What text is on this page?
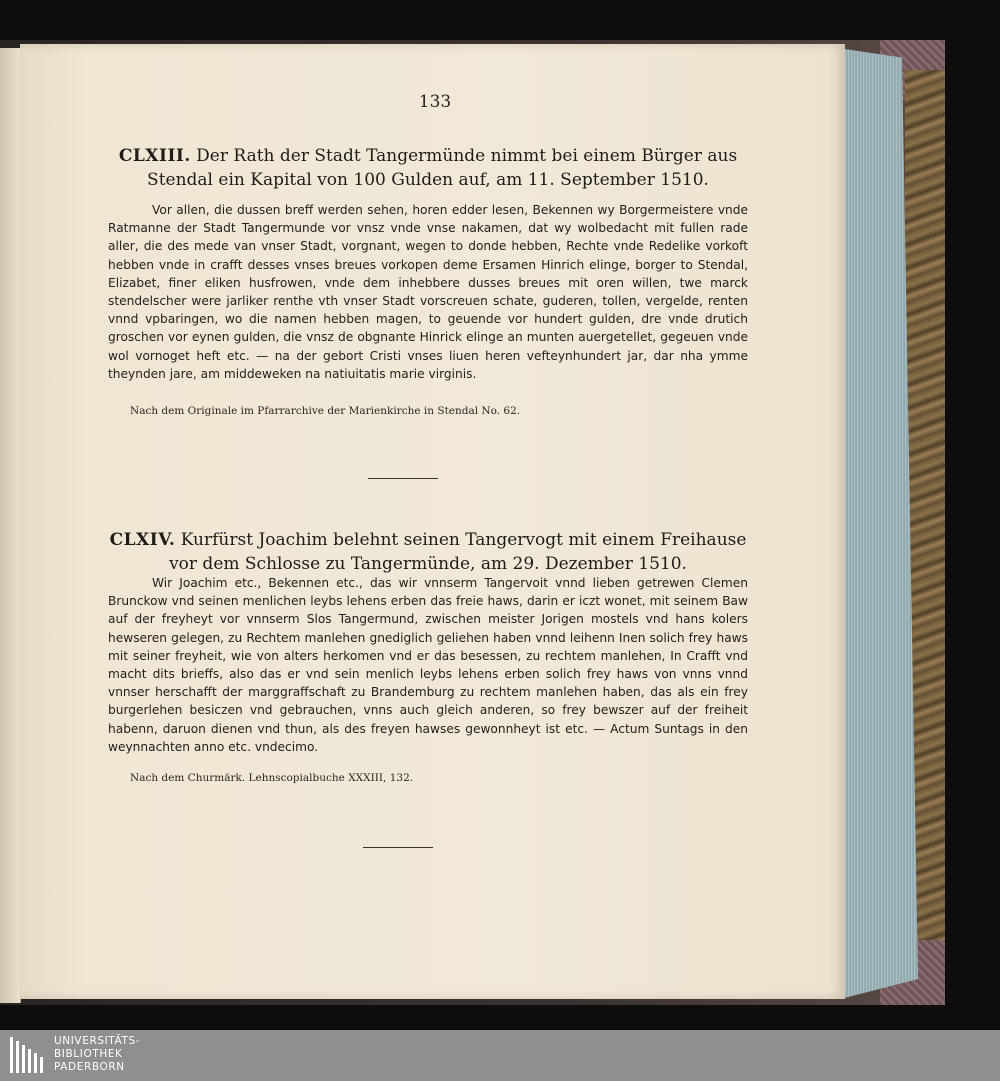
133
CLXIII. Der Rath der Stadt Tangermünde nimmt bei einem Bürger aus Stendal ein Kapital von 100 Gulden auf, am 11. September 1510.
Vor allen, die dussen breff werden sehen, horen edder lesen, Bekennen wy Borgermeistere vnde Ratmanne der Stadt Tangermunde vor vnsz vnde vnse nakamen, dat wy wolbedacht mit fullen rade aller, die des mede van vnser Stadt, vorgnant, wegen to donde hebben, Rechte vnde Redelike vorkoft hebben vnde in crafft desses vnses breues vorkopen deme Ersamen Hinrich elinge, borger to Stendal, Elizabet, finer eliken husfrowen, vnde dem inhebbere dusses breues mit oren willen, twe marck stendelscher were jarliker renthe vth vnser Stadt vorscreuen schate, guderen, tollen, vergelde, renten vnnd vpbaringen, wo die namen hebben magen, to geuende vor hundert gulden, dre vnde drutich groschen vor eynen gulden, die vnsz de obgnante Hinrick elinge an munten auergetellet, gegeuen vnde wol vornoget heft etc. — na der gebort Cristi vnses liuen heren vefteynhundert jar, dar nha ymme theynden jare, am middeweken na natiuitatis marie virginis.
Nach dem Originale im Pfarrarchive der Marienkirche in Stendal No. 62.
CLXIV. Kurfürst Joachim belehnt seinen Tangervogt mit einem Freihause vor dem Schlosse zu Tangermünde, am 29. Dezember 1510.
Wir Joachim etc., Bekennen etc., das wir vnnserm Tangervoit vnnd lieben getrewen Clemen Brunckow vnd seinen menlichen leybs lehens erben das freie haws, darin er iczt wonet, mit seinem Baw auf der freyheyt vor vnnserm Slos Tangermund, zwischen meister Jorigen mostels vnd hans kolers hewseren gelegen, zu Rechtem manlehen gnediglich geliehen haben vnnd leihenn Inen solich frey haws mit seiner freyheit, wie von alters herkomen vnd er das besessen, zu rechtem manlehen, In Crafft vnd macht dits brieffs, also das er vnd sein menlich leybs lehens erben solich frey haws von vnns vnnd vnnser herschafft der marggraffschaft zu Brandemburg zu rechtem manlehen haben, das als ein frey burgerlehen besiczen vnd gebrauchen, vnns auch gleich anderen, so frey bewszer auf der freiheit habenn, daruon dienen vnd thun, als des freyen hawses gewonnheyt ist etc. — Actum Suntags in den weynnachten anno etc. vndecimo.
Nach dem Churmärk. Lehnscopialbuche XXXIII, 132.
UNIVERSITÄTS-
BIBLIOTHEK
PADERBORN
